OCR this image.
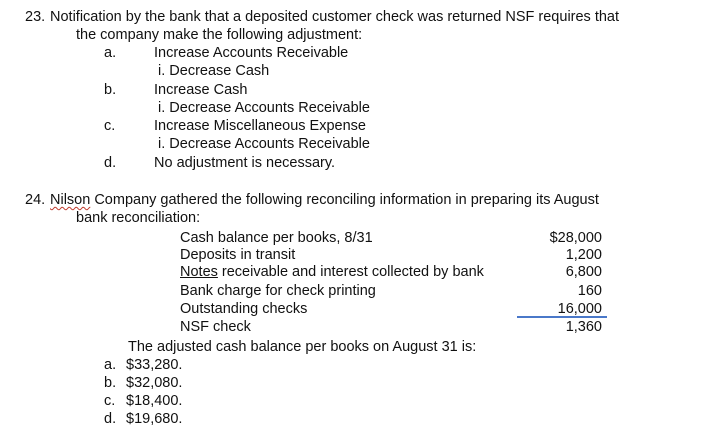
23. Notification by the bank that a deposited customer check was returned NSF requires that
the company make the following adjustment:
a.	Increase Accounts Receivable
i. Decrease Cash
b.	Increase Cash
i. Decrease Accounts Receivable
c.	Increase Miscellaneous Expense
i. Decrease Accounts Receivable
d.	No adjustment is necessary.
24. Nilson Company gathered the following reconciling information in preparing its August
bank reconciliation:
Cash balance per books, 8/31	$28,000
Deposits in transit	1,200
Notes receivable and interest collected by bank	6,800
Bank charge for check printing	160
Outstanding checks	16,000
NSF check	1,360
The adjusted cash balance per books on August 31 is:
a. $33,280.
b. $32,080.
c. $18,400.
d. $19,680.
